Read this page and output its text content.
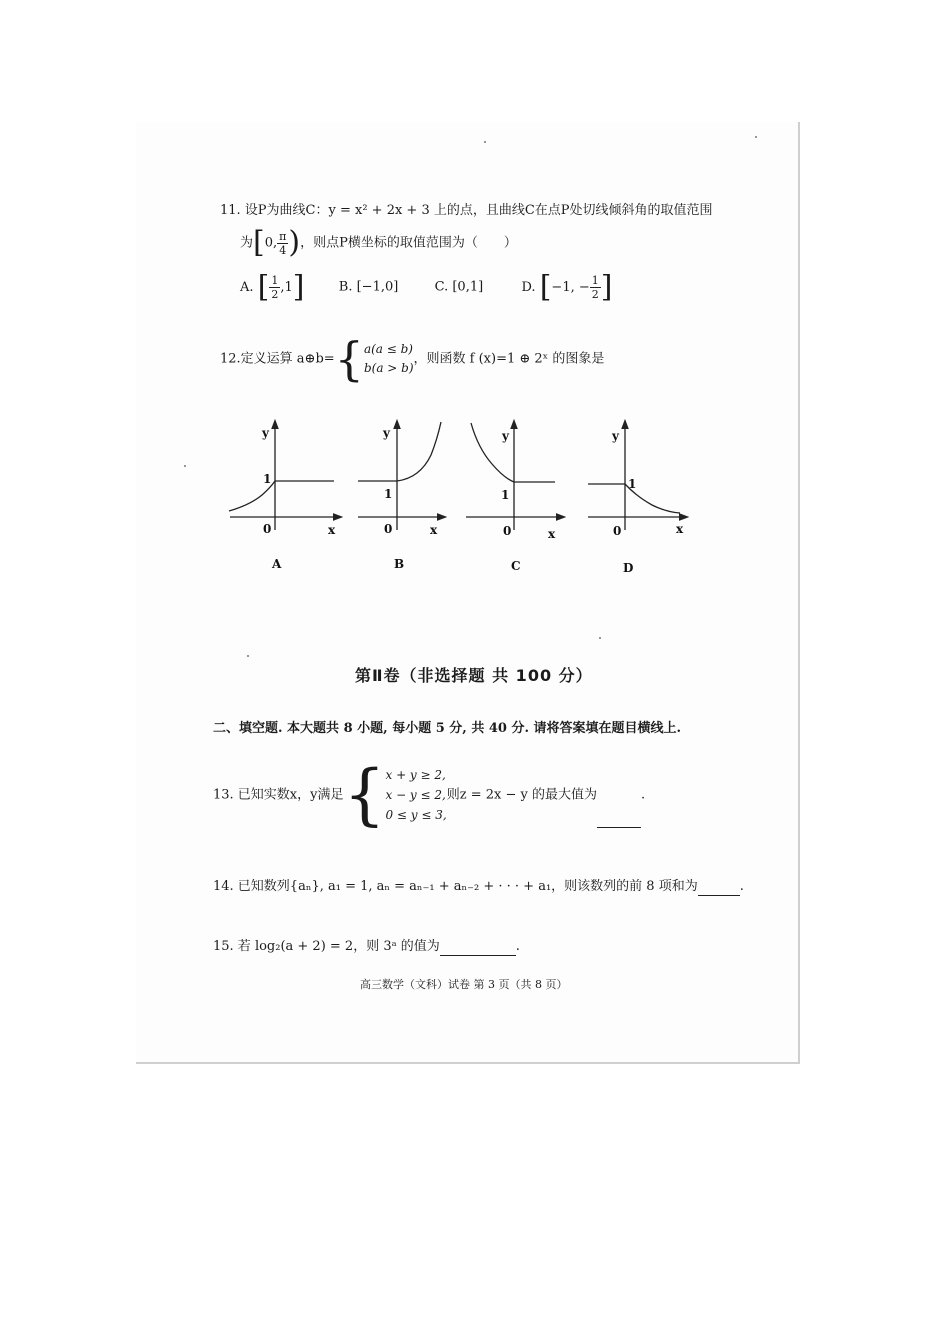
11. 设P为曲线C：y = x² + 2x + 3 上的点，且曲线C在点P处切线倾斜角的取值范围
为[0, $\frac{\pi}{4}$ )，则点P横坐标的取值范围为（　　）
A. [ $\frac{1}{2} ,1$]	B. [−1,0]	C. [0,1]	D. [−1, − $\frac{1}{2}$ ]
12.定义运算 a⊕b={ a(a ≤ b)
b(a > b)
，则函数 f (x)=1 ⊕ 2ˣ 的图象是
y
1
0	x
A
y
1
0	x
B
y
1
0	x
C
y
1
0	x
D
第Ⅱ卷（非选择题 共 100 分）
二、填空题. 本大题共 8 小题, 每小题 5 分, 共 40 分. 请将答案填在题目横线上.
13. 已知实数x，y满足{ x + y ≥ 2,
x − y ≤ 2,
0 ≤ y ≤ 3,
则z = 2x − y 的最大值为	.
14. 已知数列{aₙ}, a₁ = 1, aₙ = aₙ₋₁ + aₙ₋₂ + · · · + a₁，则该数列的前 8 项和为	.
15. 若 log₂(a + 2) = 2，则 3ᵃ 的值为	.
高三数学（文科）试卷 第 3 页（共 8 页）
